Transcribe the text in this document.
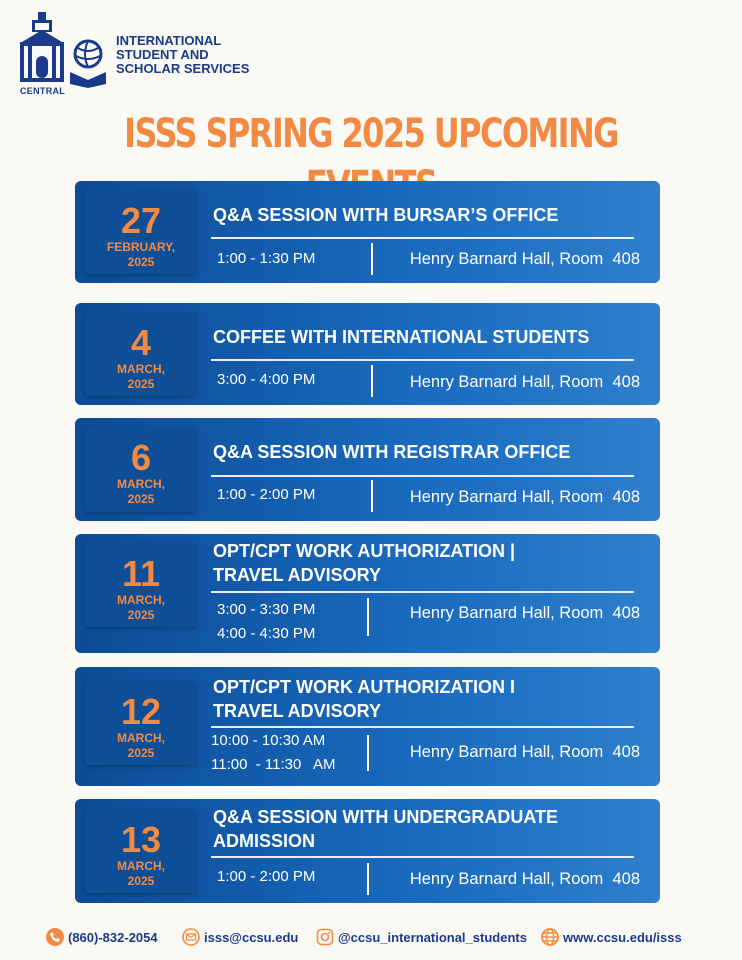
CENTRAL
INTERNATIONAL
STUDENT AND
SCHOLAR SERVICES
ISSS SPRING 2025 UPCOMING
27
FEBRUARY,
2025
Q&A SESSION WITH BURSAR’S OFFICE
1:00 - 1:30 PM	Henry Barnard Hall, Room  408
4
MARCH,
2025
COFFEE WITH INTERNATIONAL STUDENTS
3:00 - 4:00 PM	Henry Barnard Hall, Room  408
6
MARCH,
2025
Q&A SESSION WITH REGISTRAR OFFICE
1:00 - 2:00 PM	Henry Barnard Hall, Room  408
11
MARCH,
2025
OPT/CPT WORK AUTHORIZATION |
TRAVEL ADVISORY
3:00 - 3:30 PM
4:00 - 4:30 PM
Henry Barnard Hall, Room  408
12
MARCH,
2025
OPT/CPT WORK AUTHORIZATION I
TRAVEL ADVISORY
10:00 - 10:30 AM
11:00  - 11:30   AM
Henry Barnard Hall, Room  408
13
MARCH,
2025
Q&A SESSION WITH UNDERGRADUATE
ADMISSION
1:00 - 2:00 PM	Henry Barnard Hall, Room  408
(860)-832-2054	isss@ccsu.edu	@ccsu_international_students	www.ccsu.edu/isss
